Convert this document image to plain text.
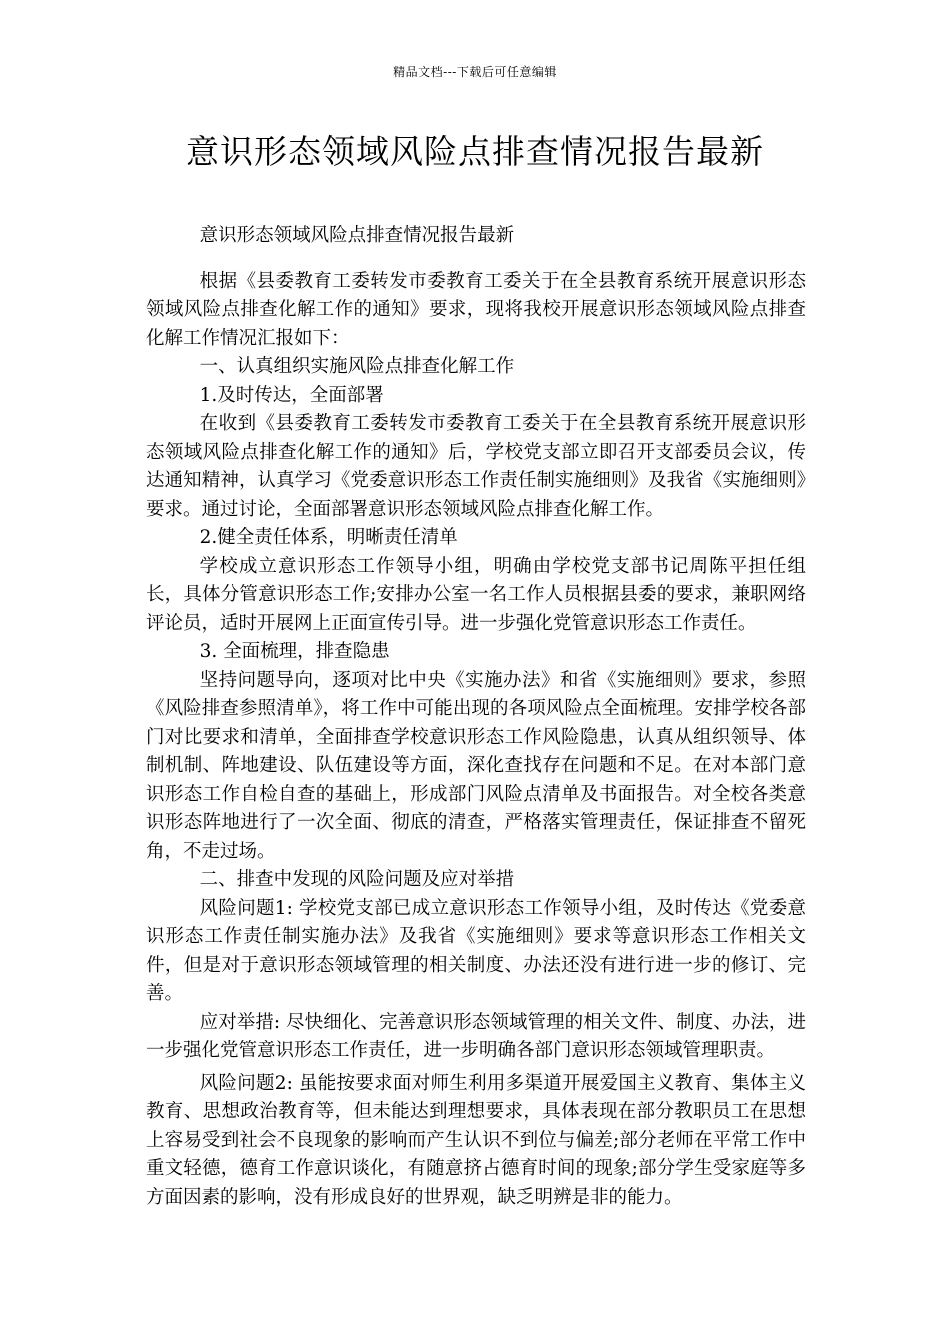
精品文档---下载后可任意编辑
意识形态领域风险点排查情况报告最新
意识形态领域风险点排查情况报告最新

根据《县委教育工委转发市委教育工委关于在全县教育系统开展意识形态领域风险点排查化解工作的通知》要求，现将我校开展意识形态领域风险点排查化解工作情况汇报如下：

一、认真组织实施风险点排查化解工作

1.及时传达，全面部署

在收到《县委教育工委转发市委教育工委关于在全县教育系统开展意识形态领域风险点排查化解工作的通知》后，学校党支部立即召开支部委员会议，传达通知精神，认真学习《党委意识形态工作责任制实施细则》及我省《实施细则》要求。通过讨论，全面部署意识形态领域风险点排查化解工作。

2.健全责任体系，明晰责任清单

学校成立意识形态工作领导小组，明确由学校党支部书记周陈平担任组长，具体分管意识形态工作;安排办公室一名工作人员根据县委的要求，兼职网络评论员，适时开展网上正面宣传引导。进一步强化党管意识形态工作责任。

3. 全面梳理，排查隐患

坚持问题导向，逐项对比中央《实施办法》和省《实施细则》要求，参照《风险排查参照清单》，将工作中可能出现的各项风险点全面梳理。安排学校各部门对比要求和清单，全面排查学校意识形态工作风险隐患，认真从组织领导、体制机制、阵地建设、队伍建设等方面，深化查找存在问题和不足。在对本部门意识形态工作自检自查的基础上，形成部门风险点清单及书面报告。对全校各类意识形态阵地进行了一次全面、彻底的清查，严格落实管理责任，保证排查不留死角，不走过场。

二、排查中发现的风险问题及应对举措

风险问题1: 学校党支部已成立意识形态工作领导小组，及时传达《党委意识形态工作责任制实施办法》及我省《实施细则》要求等意识形态工作相关文件，但是对于意识形态领域管理的相关制度、办法还没有进行进一步的修订、完善。

应对举措: 尽快细化、完善意识形态领域管理的相关文件、制度、办法，进一步强化党管意识形态工作责任，进一步明确各部门意识形态领域管理职责。

风险问题2: 虽能按要求面对师生利用多渠道开展爱国主义教育、集体主义教育、思想政治教育等，但未能达到理想要求，具体表现在部分教职员工在思想上容易受到社会不良现象的影响而产生认识不到位与偏差;部分老师在平常工作中重文轻德，德育工作意识谈化，有随意挤占德育时间的现象;部分学生受家庭等多方面因素的影响，没有形成良好的世界观，缺乏明辨是非的能力。
